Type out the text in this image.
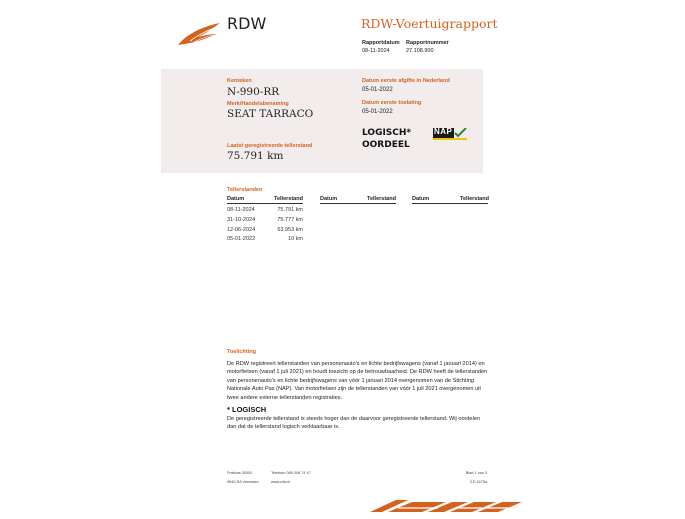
RDW	RDW-Voertuigrapport
Rapportdatum
08-11-2024
Rapportnummer
27.108.900
Kenteken
N-990-RR
Merk/Handelsbenaming
SEAT TARRACO
Laatst geregistreerde tellerstand
75.791 km
Datum eerste afgifte in Nederland
05-01-2022
Datum eerste toelating
05-01-2022
LOGISCH*
OORDEEL
NAP
Tellerstanden
Datum	Tellerstand	Datum	Tellerstand	Datum	Tellerstand
08-11-2024	75.791 km
31-10-2024	75.777 km
12-06-2024	63.953 km
05-01-2022	10 km
Toelichting
De RDW registreert tellerstanden van personenauto's en lichte bedrijfswagens (vanaf 1 januari 2014) en motorfietsen (vanaf 1 juli 2021) en houdt toezicht op de betrouwbaarheid. De RDW heeft de tellerstanden van personenauto's en lichte bedrijfswagens van vóór 1 januari 2014 overgenomen van de Stichting Nationale Auto Pas (NAP). Van motorfietsen zijn de tellerstanden van vóór 1 juli 2021 overgenomen uit twee andere externe tellerstanden registraties.
* LOGISCH
De geregistreerde tellerstand is steeds hoger dan de daarvoor geregistreerde tellerstand. Wij oordelen dan dat de tellerstand logisch verklaarbaar is.
Postbus 30000
9640 RA Veendam
Telefoon 088 008 74 47
www.rdw.nl
Blad 1 van 3
3.E.1675a
